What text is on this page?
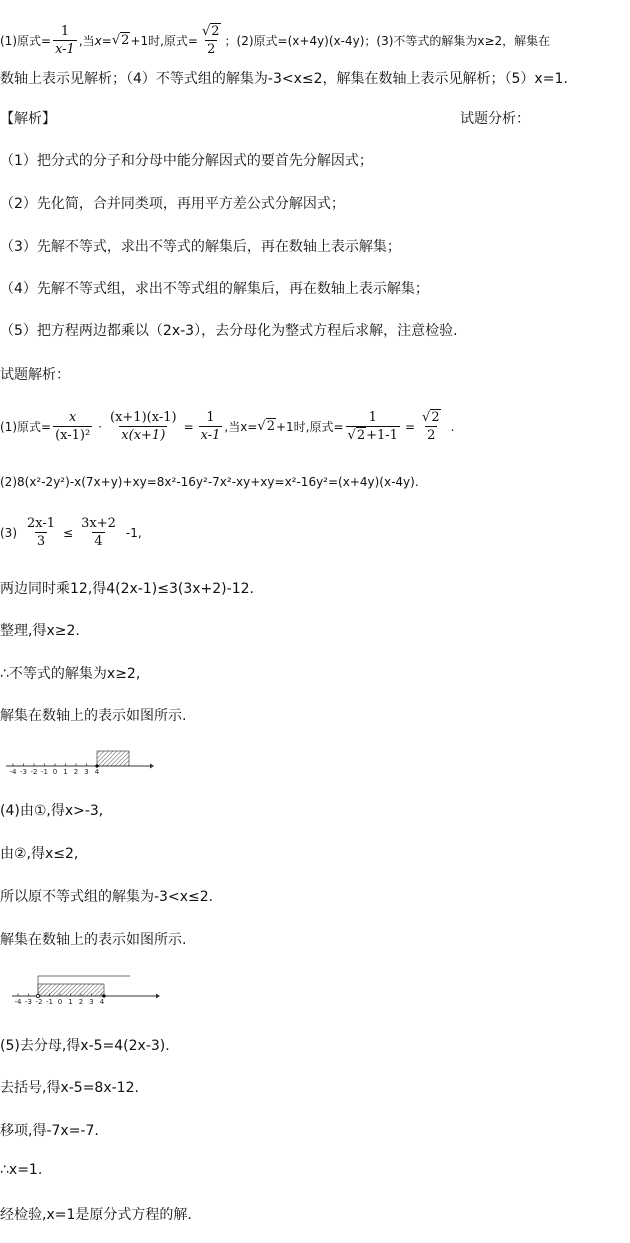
(1)原式= $\frac{1}{x-1}$ ,当 x= √2 +1时,原式= $\frac{√2}{2}$ ；(2)原式=(x+4y)(x-4y)；(3)不等式的解集为x≥2，解集在
数轴上表示见解析；（4）不等式组的解集为-3<x≤2，解集在数轴上表示见解析；（5）x=1.
【解析】	试题分析：
（1）把分式的分子和分母中能分解因式的要首先分解因式；
（2）先化简，合并同类项，再用平方差公式分解因式；
（3）先解不等式，求出不等式的解集后，再在数轴上表示解集；
（4）先解不等式组，求出不等式组的解集后，再在数轴上表示解集；
（5）把方程两边都乘以（2x-3），去分母化为整式方程后求解，注意检验.
试题解析：
(1)原式= $\frac{x}{\text{(x-1)²}} \cdot \frac{(x+1)(x-1)}{x(x+1)} = \frac{1}{x-1}$ ,当x= √2 +1时,原式= $\frac{1}{√2+1-1} = \frac{√2}{2}$ .
(2)8(x²-2y²)-x(7x+y)+xy=8x²-16y²-7x²-xy+xy=x²-16y²=(x+4y)(x-4y).
$(3) \frac{2x-1}{3} \le \frac{3x+2}{4} -1$,
两边同时乘12,得4(2x-1)≤3(3x+2)-12.
整理,得x≥2.
∴不等式的解集为x≥2,
解集在数轴上的表示如图所示.
-4 -3 -2 -1 0 1 2 3 4
(4)由①,得x>-3,
由②,得x≤2,
所以原不等式组的解集为-3<x≤2.
解集在数轴上的表示如图所示.
-4 -3 -2 -1 0 1 2 3 4
(5)去分母,得x-5=4(2x-3).
去括号,得x-5=8x-12.
移项,得-7x=-7.
∴x=1.
经检验,x=1是原分式方程的解.
